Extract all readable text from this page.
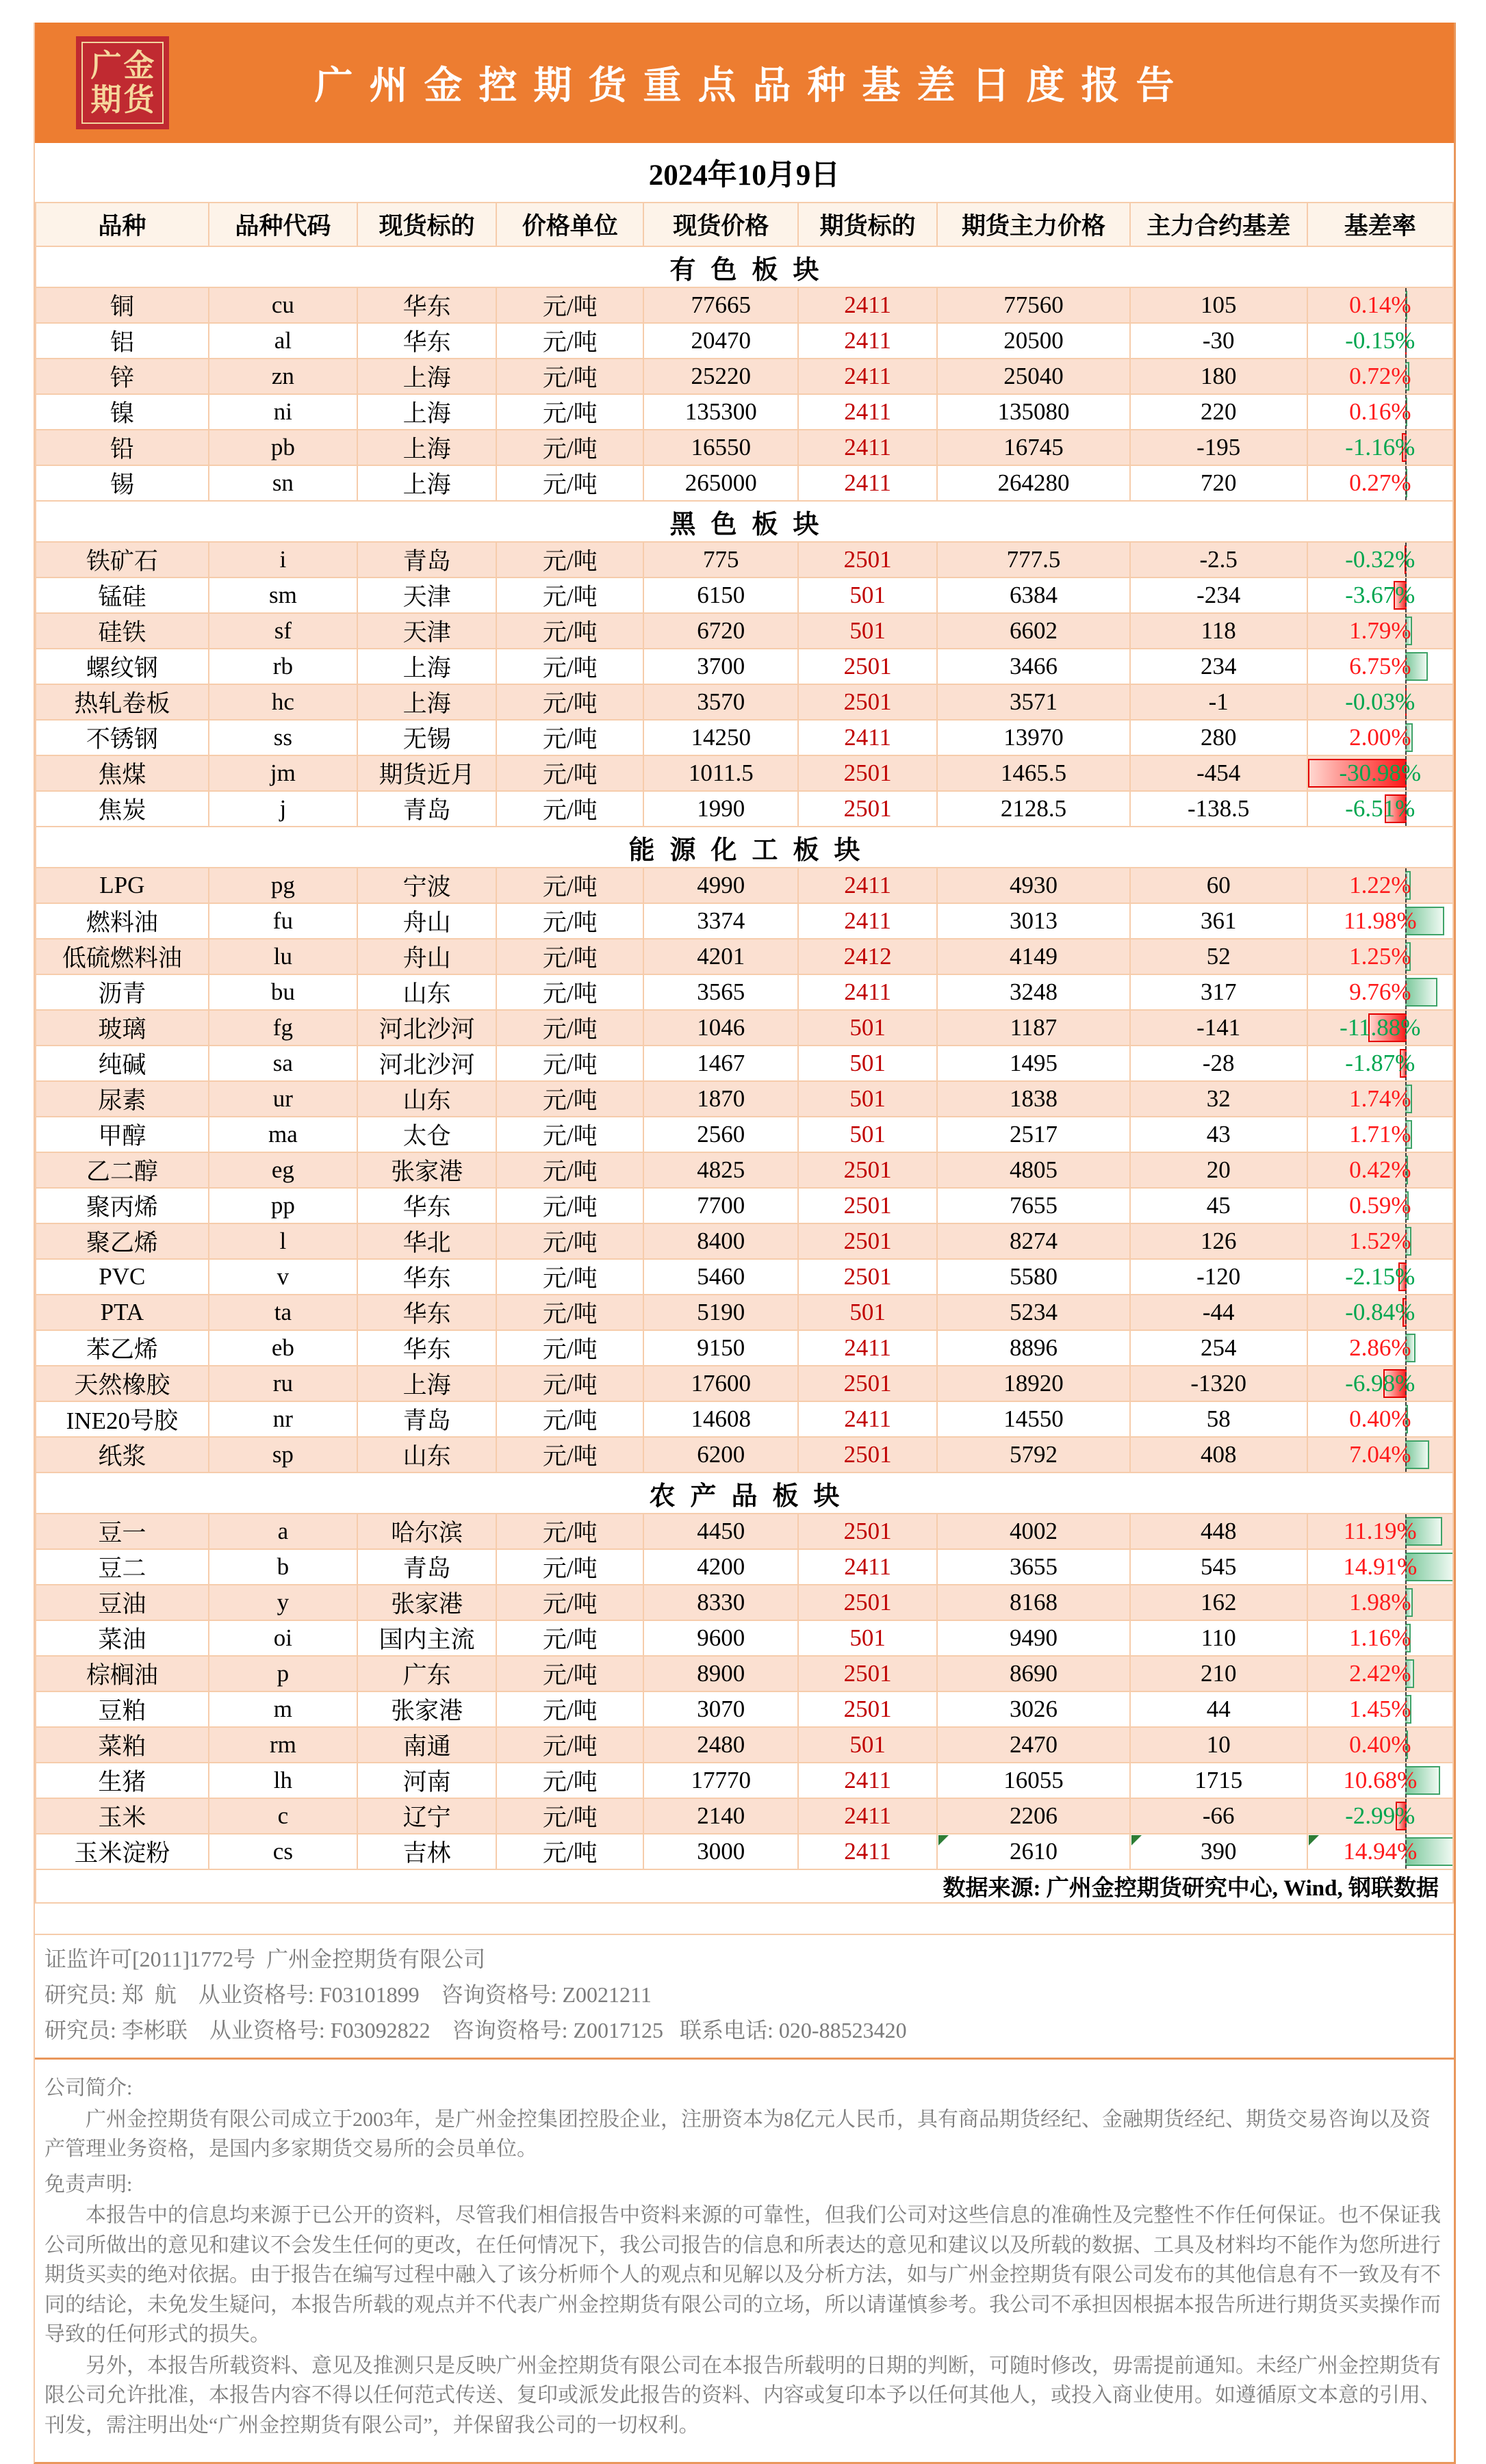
广金
期货	广州金控期货重点品种基差日度报告
2024年10月9日
品种	品种代码	现货标的	价格单位	现货价格	期货标的	期货主力价格	主力合约基差	基差率
有色板块								
铜	cu	华东	元/吨	77665	2411	77560	105	0.14%
铝	al	华东	元/吨	20470	2411	20500	-30	-0.15%
锌	zn	上海	元/吨	25220	2411	25040	180	0.72%
镍	ni	上海	元/吨	135300	2411	135080	220	0.16%
铅	pb	上海	元/吨	16550	2411	16745	-195	-1.16%
锡	sn	上海	元/吨	265000	2411	264280	720	0.27%
黑色板块								
铁矿石	i	青岛	元/吨	775	2501	777.5	-2.5	-0.32%
锰硅	sm	天津	元/吨	6150	501	6384	-234	-3.67%
硅铁	sf	天津	元/吨	6720	501	6602	118	1.79%
螺纹钢	rb	上海	元/吨	3700	2501	3466	234	6.75%
热轧卷板	hc	上海	元/吨	3570	2501	3571	-1	-0.03%
不锈钢	ss	无锡	元/吨	14250	2411	13970	280	2.00%
焦煤	jm	期货近月	元/吨	1011.5	2501	1465.5	-454	-30.98%
焦炭	j	青岛	元/吨	1990	2501	2128.5	-138.5	-6.51%
能源化工板块								
LPG	pg	宁波	元/吨	4990	2411	4930	60	1.22%
燃料油	fu	舟山	元/吨	3374	2411	3013	361	11.98%
低硫燃料油	lu	舟山	元/吨	4201	2412	4149	52	1.25%
沥青	bu	山东	元/吨	3565	2411	3248	317	9.76%
玻璃	fg	河北沙河	元/吨	1046	501	1187	-141	-11.88%
纯碱	sa	河北沙河	元/吨	1467	501	1495	-28	-1.87%
尿素	ur	山东	元/吨	1870	501	1838	32	1.74%
甲醇	ma	太仓	元/吨	2560	501	2517	43	1.71%
乙二醇	eg	张家港	元/吨	4825	2501	4805	20	0.42%
聚丙烯	pp	华东	元/吨	7700	2501	7655	45	0.59%
聚乙烯	l	华北	元/吨	8400	2501	8274	126	1.52%
PVC	v	华东	元/吨	5460	2501	5580	-120	-2.15%
PTA	ta	华东	元/吨	5190	501	5234	-44	-0.84%
苯乙烯	eb	华东	元/吨	9150	2411	8896	254	2.86%
天然橡胶	ru	上海	元/吨	17600	2501	18920	-1320	-6.98%
INE20号胶	nr	青岛	元/吨	14608	2411	14550	58	0.40%
纸浆	sp	山东	元/吨	6200	2501	5792	408	7.04%
农产品板块								
豆一	a	哈尔滨	元/吨	4450	2501	4002	448	11.19%
豆二	b	青岛	元/吨	4200	2411	3655	545	14.91%
豆油	y	张家港	元/吨	8330	2501	8168	162	1.98%
菜油	oi	国内主流	元/吨	9600	501	9490	110	1.16%
棕榈油	p	广东	元/吨	8900	2501	8690	210	2.42%
豆粕	m	张家港	元/吨	3070	2501	3026	44	1.45%
菜粕	rm	南通	元/吨	2480	501	2470	10	0.40%
生猪	lh	河南	元/吨	17770	2411	16055	1715	10.68%
玉米	c	辽宁	元/吨	2140	2411	2206	-66	-2.99%
玉米淀粉	cs	吉林	元/吨	3000	2411	2610	390	14.94%

数据来源: 广州金控期货研究中心, Wind, 钢联数据								
证监许可[2011]1772号  广州金控期货有限公司
研究员: 郑  航    从业资格号: F03101899    咨询资格号: Z0021211
研究员: 李彬联    从业资格号: F03092822    咨询资格号: Z0017125   联系电话: 020-88523420
公司简介:
广州金控期货有限公司成立于2003年，是广州金控集团控股企业，注册资本为8亿元人民币，具有商品期货经纪、金融期货经纪、期货交易咨询以及资产管理业务资格，是国内多家期货交易所的会员单位。
免责声明:
本报告中的信息均来源于已公开的资料，尽管我们相信报告中资料来源的可靠性，但我们公司对这些信息的准确性及完整性不作任何保证。也不保证我公司所做出的意见和建议不会发生任何的更改，在任何情况下，我公司报告的信息和所表达的意见和建议以及所载的数据、工具及材料均不能作为您所进行期货买卖的绝对依据。由于报告在编写过程中融入了该分析师个人的观点和见解以及分析方法，如与广州金控期货有限公司发布的其他信息有不一致及有不同的结论，未免发生疑问，本报告所载的观点并不代表广州金控期货有限公司的立场，所以请谨慎参考。我公司不承担因根据本报告所进行期货买卖操作而导致的任何形式的损失。
另外，本报告所载资料、意见及推测只是反映广州金控期货有限公司在本报告所载明的日期的判断，可随时修改，毋需提前通知。未经广州金控期货有限公司允许批准，本报告内容不得以任何范式传送、复印或派发此报告的资料、内容或复印本予以任何其他人，或投入商业使用。如遵循原文本意的引用、刊发，需注明出处“广州金控期货有限公司”，并保留我公司的一切权利。
